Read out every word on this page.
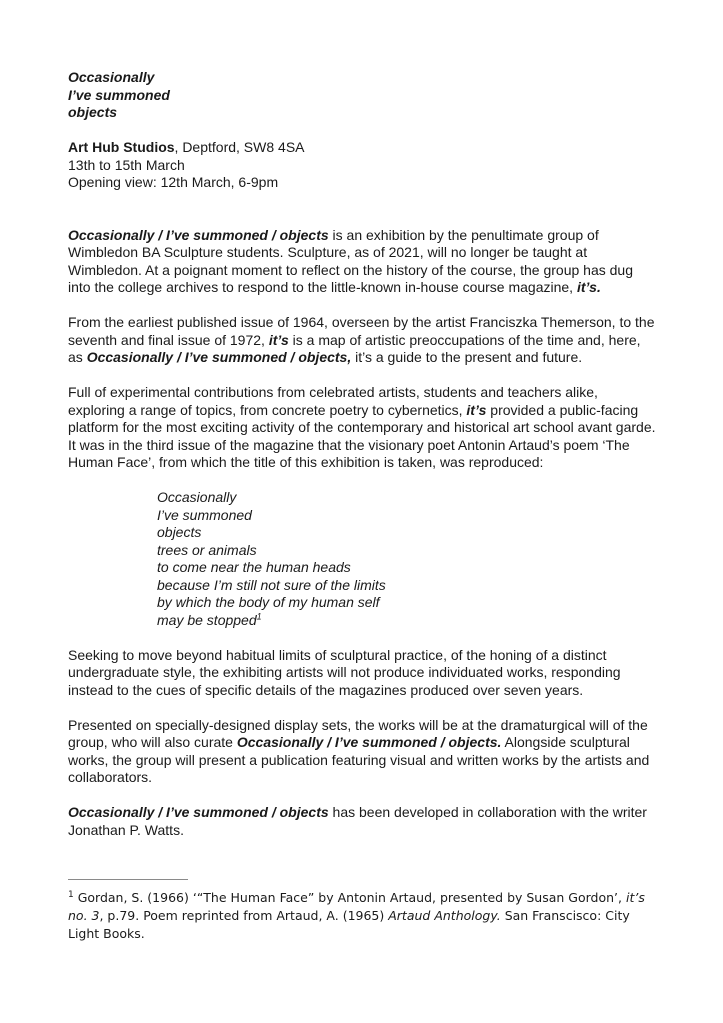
Occasionally
I’ve summoned
objects
Art Hub Studios, Deptford, SW8 4SA
13th to 15th March
Opening view: 12th March, 6-9pm

Occasionally / I’ve summoned / objects is an exhibition by the penultimate group of Wimbledon BA Sculpture students. Sculpture, as of 2021, will no longer be taught at Wimbledon. At a poignant moment to reflect on the history of the course, the group has dug into the college archives to respond to the little-known in-house course magazine, it’s.

From the earliest published issue of 1964, overseen by the artist Franciszka Themerson, to the seventh and final issue of 1972, it’s is a map of artistic preoccupations of the time and, here, as Occasionally / I’ve summoned / objects, it’s a guide to the present and future.

Full of experimental contributions from celebrated artists, students and teachers alike, exploring a range of topics, from concrete poetry to cybernetics, it’s provided a public-facing platform for the most exciting activity of the contemporary and historical art school avant garde. It was in the third issue of the magazine that the visionary poet Antonin Artaud’s poem ‘The Human Face’, from which the title of this exhibition is taken, was reproduced:

Occasionally
I’ve summoned
objects
trees or animals
to come near the human heads
because I’m still not sure of the limits
by which the body of my human self
may be stopped$^1$

Seeking to move beyond habitual limits of sculptural practice, of the honing of a distinct undergraduate style, the exhibiting artists will not produce individuated works, responding instead to the cues of specific details of the magazines produced over seven years.

Presented on specially-designed display sets, the works will be at the dramaturgical will of the group, who will also curate Occasionally / I’ve summoned / objects. Alongside sculptural works, the group will present a publication featuring visual and written works by the artists and collaborators.

Occasionally / I’ve summoned / objects has been developed in collaboration with the writer Jonathan P. Watts.

$^1$ Gordan, S. (1966) ‘“The Human Face” by Antonin Artaud, presented by Susan Gordon’, it’s no. 3, p.79. Poem reprinted from Artaud, A. (1965) Artaud Anthology. San Franscisco: City Light Books.
